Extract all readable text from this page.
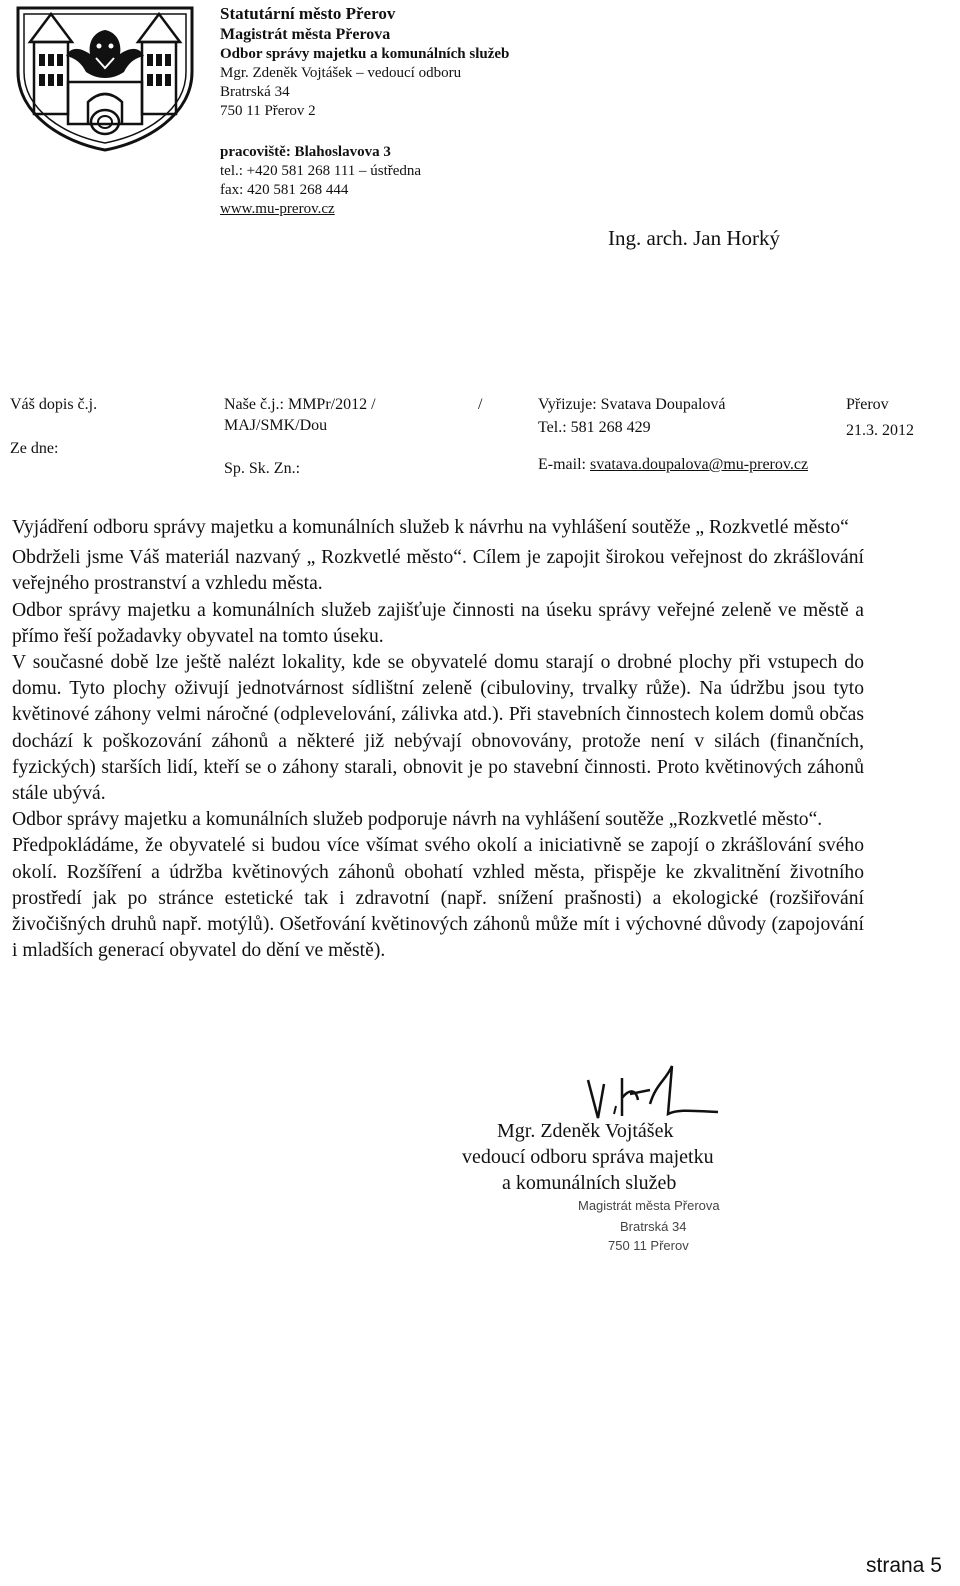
Statutární město Přerov
Magistrát města Přerova
Odbor správy majetku a komunálních služeb
Mgr. Zdeněk Vojtášek – vedoucí odboru
Bratrská 34
750 11 Přerov 2
pracoviště: Blahoslavova 3
tel.: +420 581 268 111 – ústředna
fax: 420 581 268 444
www.mu-prerov.cz
Ing. arch. Jan Horký
Váš dopis č.j.
Ze dne:
Naše č.j.: MMPr/2012 /
MAJ/SMK/Dou
/
Sp. Sk. Zn.:
Vyřizuje: Svatava Doupalová
Tel.: 581 268 429
E-mail: svatava.doupalova@mu-prerov.cz
Přerov
21.3. 2012

Vyjádření odboru správy majetku a komunálních služeb k návrhu na vyhlášení soutěže „ Rozkvetlé město“

Obdrželi jsme Váš materiál nazvaný „ Rozkvetlé město“. Cílem je zapojit širokou veřejnost do zkrášlování veřejného prostranství a vzhledu města.

Odbor správy majetku a komunálních služeb zajišťuje činnosti na úseku správy veřejné zeleně ve městě a přímo řeší požadavky obyvatel na tomto úseku.

V současné době lze ještě nalézt lokality, kde se obyvatelé domu starají o drobné plochy při vstupech do domu. Tyto plochy oživují jednotvárnost sídlištní zeleně (cibuloviny, trvalky růže). Na údržbu jsou tyto květinové záhony velmi náročné (odplevelování, zálivka atd.). Při stavebních činnostech kolem domů občas dochází k poškozování záhonů a některé již nebývají obnovovány, protože není v silách (finančních, fyzických) starších lidí, kteří se o záhony starali, obnovit je po stavební činnosti. Proto květinových záhonů stále ubývá.

Odbor správy majetku a komunálních služeb podporuje návrh na vyhlášení soutěže „Rozkvetlé město“.

Předpokládáme, že obyvatelé si budou více všímat svého okolí a iniciativně se zapojí o zkrášlování svého okolí. Rozšíření a údržba květinových záhonů obohatí vzhled města, přispěje ke zkvalitnění životního prostředí jak po stránce estetické tak i zdravotní (např. snížení prašnosti) a ekologické (rozšiřování živočišných druhů např. motýlů). Ošetřování květinových záhonů může mít i výchovné důvody (zapojování i mladších generací obyvatel do dění ve městě).

Mgr. Zdeněk Vojtášek
vedoucí odboru správa majetku
a komunálních služeb
Magistrát města Přerova
Bratrská 34
750 11 Přerov
strana 5
